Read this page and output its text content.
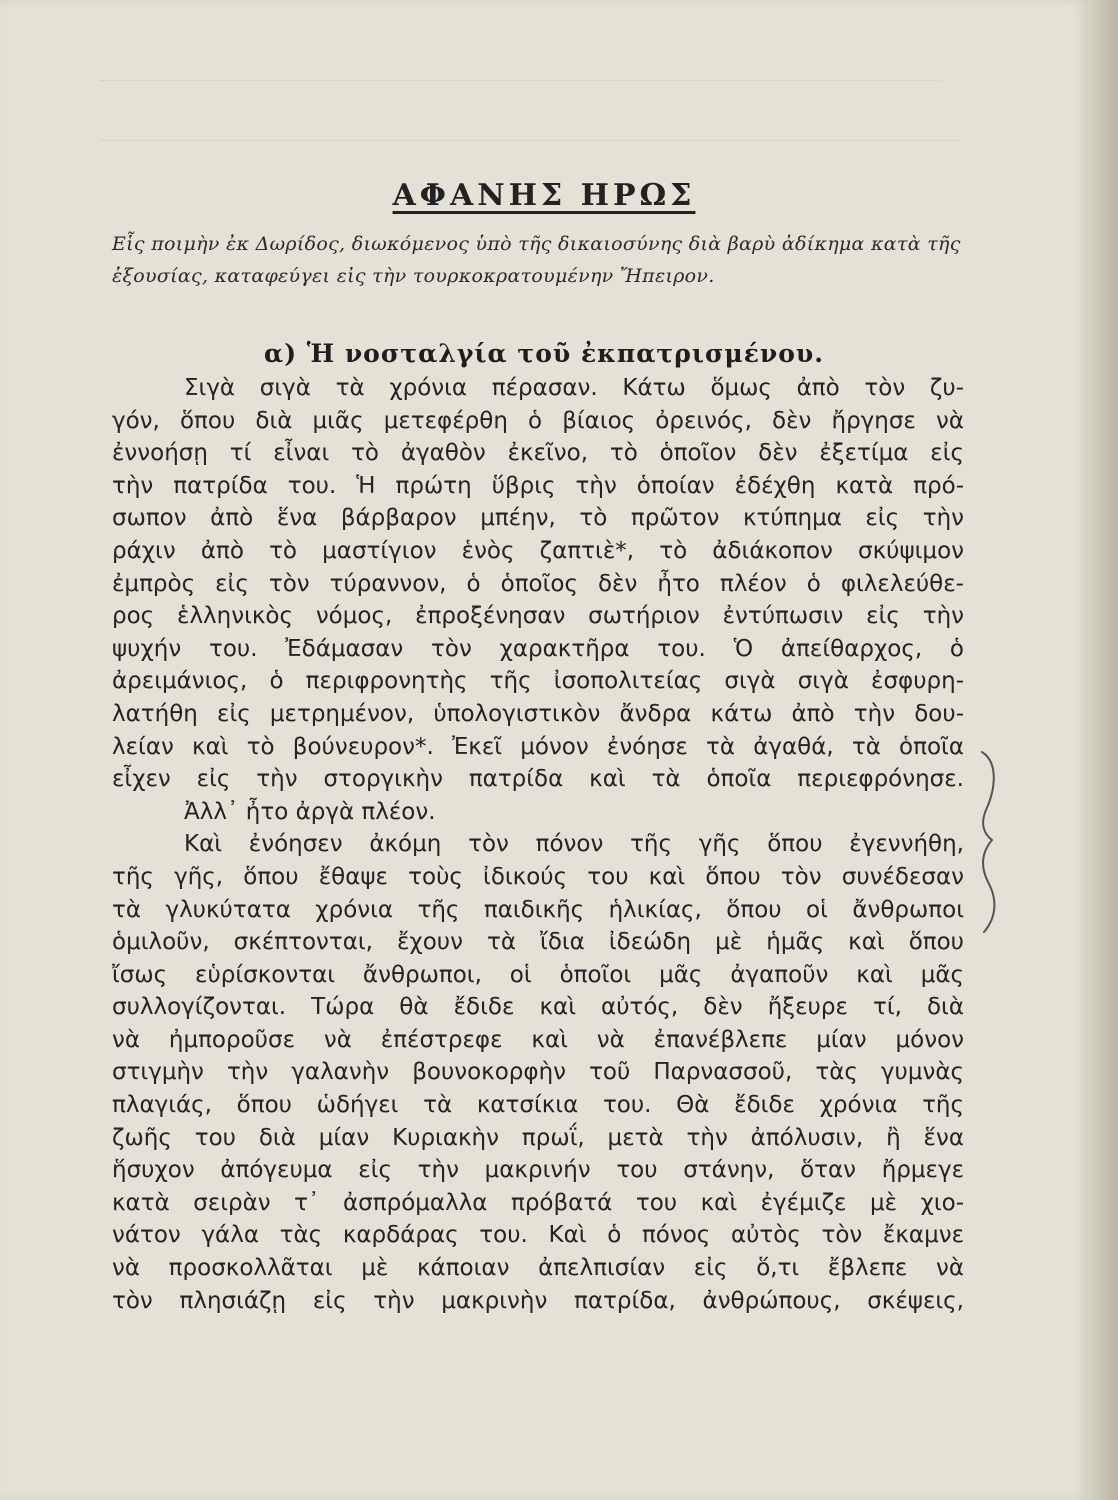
ΑΦΑΝΗΣ ΗΡΩΣ
Εἷς ποιμὴν ἐκ Δωρίδος, διωκόμενος ὑπὸ τῆς δικαιοσύνης διὰ βαρὺ ἀδίκημα κατὰ τῆς ἐξουσίας, καταφεύγει εἰς τὴν τουρκοκρατουμένην Ἤπειρον.
α) Ἡ νοσταλγία τοῦ ἐκπατρισμένου.
Σιγὰ σιγὰ τὰ χρόνια πέρασαν. Κάτω ὅμως ἀπὸ τὸν ζυ-
γόν, ὅπου διὰ μιᾶς μετεφέρθη ὁ βίαιος ὀρεινός, δὲν ἤργησε νὰ
ἐννοήσῃ τί εἶναι τὸ ἀγαθὸν ἐκεῖνο, τὸ ὁποῖον δὲν ἐξετίμα εἰς
τὴν πατρίδα του. Ἡ πρώτη ὕβρις τὴν ὁποίαν ἐδέχθη κατὰ πρό-
σωπον ἀπὸ ἕνα βάρβαρον μπέην, τὸ πρῶτον κτύπημα εἰς τὴν
ράχιν ἀπὸ τὸ μαστίγιον ἑνὸς ζαπτιὲ*, τὸ ἀδιάκοπον σκύψιμον
ἐμπρὸς εἰς τὸν τύραννον, ὁ ὁποῖος δὲν ἦτο πλέον ὁ φιλελεύθε-
ρος ἑλληνικὸς νόμος, ἐπροξένησαν σωτήριον ἐντύπωσιν εἰς τὴν
ψυχήν του. Ἐδάμασαν τὸν χαρακτῆρα του. Ὁ ἀπείθαρχος, ὁ
ἀρειμάνιος, ὁ περιφρονητὴς τῆς ἰσοπολιτείας σιγὰ σιγὰ ἐσφυρη-
λατήθη εἰς μετρημένον, ὑπολογιστικὸν ἄνδρα κάτω ἀπὸ τὴν δου-
λείαν καὶ τὸ βούνευρον*. Ἐκεῖ μόνον ἐνόησε τὰ ἀγαθά, τὰ ὁποῖα
εἶχεν εἰς τὴν στοργικὴν πατρίδα καὶ τὰ ὁποῖα περιεφρόνησε.
Ἀλλ᾽ ἦτο ἀργὰ πλέον.
Καὶ ἐνόησεν ἀκόμη τὸν πόνον τῆς γῆς ὅπου ἐγεννήθη,
τῆς γῆς, ὅπου ἔθαψε τοὺς ἰδικούς του καὶ ὅπου τὸν συνέδεσαν
τὰ γλυκύτατα χρόνια τῆς παιδικῆς ἡλικίας, ὅπου οἱ ἄνθρωποι
ὁμιλοῦν, σκέπτονται, ἔχουν τὰ ἴδια ἰδεώδη μὲ ἡμᾶς καὶ ὅπου
ἴσως εὑρίσκονται ἄνθρωποι, οἱ ὁποῖοι μᾶς ἀγαποῦν καὶ μᾶς
συλλογίζονται. Τώρα θὰ ἔδιδε καὶ αὐτός, δὲν ἤξευρε τί, διὰ
νὰ ἠμποροῦσε νὰ ἐπέστρεφε καὶ νὰ ἐπανέβλεπε μίαν μόνον
στιγμὴν τὴν γαλανὴν βουνοκορφὴν τοῦ Παρνασσοῦ, τὰς γυμνὰς
πλαγιάς, ὅπου ὡδήγει τὰ κατσίκια του. Θὰ ἔδιδε χρόνια τῆς
ζωῆς του διὰ μίαν Κυριακὴν πρωΐ, μετὰ τὴν ἀπόλυσιν, ἢ ἕνα
ἥσυχον ἀπόγευμα εἰς τὴν μακρινήν του στάνην, ὅταν ἤρμεγε
κατὰ σειρὰν τ᾽ ἀσπρόμαλλα πρόβατά του καὶ ἐγέμιζε μὲ χιο-
νάτον γάλα τὰς καρδάρας του. Καὶ ὁ πόνος αὐτὸς τὸν ἔκαμνε
νὰ προσκολλᾶται μὲ κάποιαν ἀπελπισίαν εἰς ὅ,τι ἔβλεπε νὰ
τὸν πλησιάζῃ εἰς τὴν μακρινὴν πατρίδα, ἀνθρώπους, σκέψεις,
